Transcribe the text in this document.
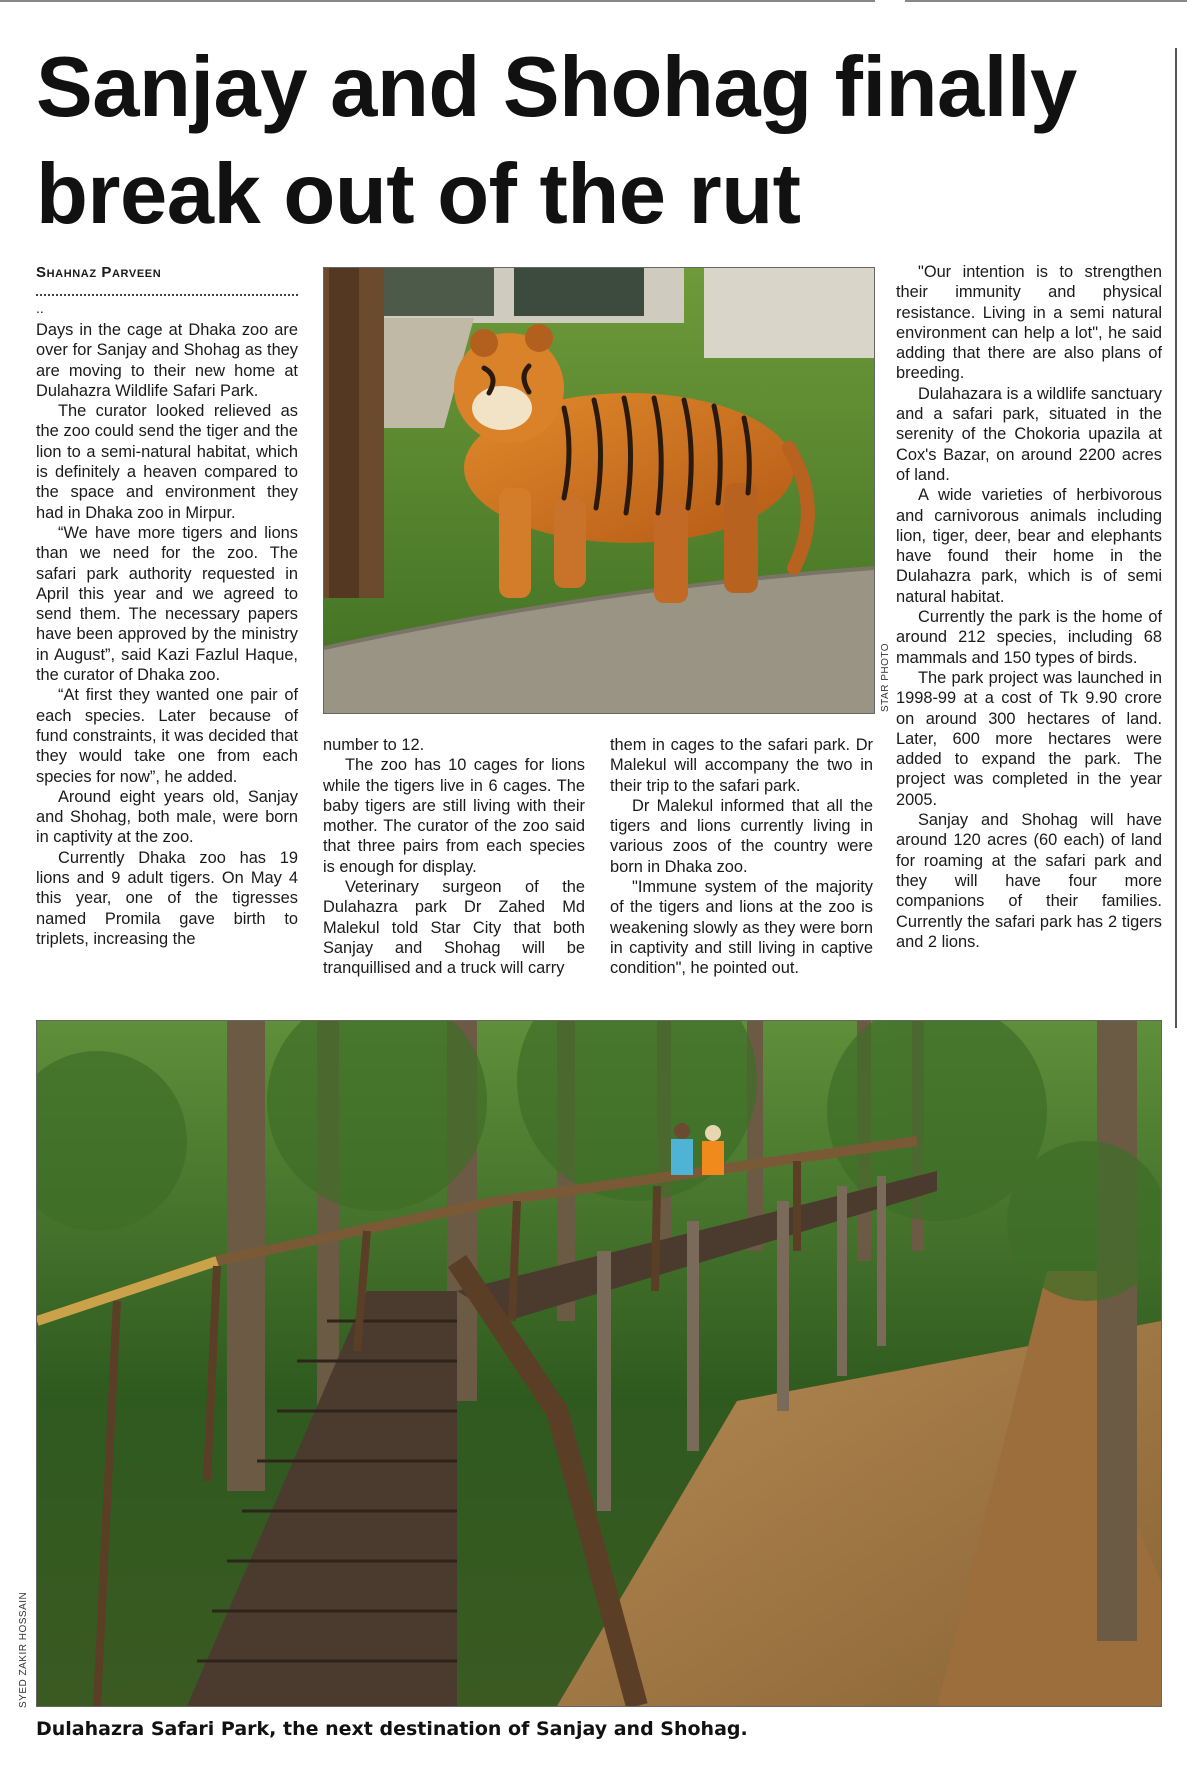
Sanjay and Shohag finally
break out of the rut
Shahnaz Parveen
..

Days in the cage at Dhaka zoo are over for Sanjay and Shohag as they are moving to their new home at Dulahazra Wildlife Safari Park.

The curator looked relieved as the zoo could send the tiger and the lion to a semi-natural habitat, which is definitely a heaven compared to the space and environment they had in Dhaka zoo in Mirpur.

“We have more tigers and lions than we need for the zoo. The safari park authority requested in April this year and we agreed to send them. The necessary papers have been approved by the ministry in August”, said Kazi Fazlul Haque, the curator of Dhaka zoo.

“At first they wanted one pair of each species. Later because of fund constraints, it was decided that they would take one from each species for now”, he added.

Around eight years old, Sanjay and Shohag, both male, were born in captivity at the zoo.

Currently Dhaka zoo has 19 lions and 9 adult tigers. On May 4 this year, one of the tigresses named Promila gave birth to triplets, increasing the

STAR PHOTO

number to 12.

The zoo has 10 cages for lions while the tigers live in 6 cages. The baby tigers are still living with their mother. The curator of the zoo said that three pairs from each species is enough for display.

Veterinary surgeon of the Dulahazra park Dr Zahed Md Malekul told Star City that both Sanjay and Shohag will be tranquillised and a truck will carry

them in cages to the safari park. Dr Malekul will accompany the two in their trip to the safari park.

Dr Malekul informed that all the tigers and lions currently living in various zoos of the country were born in Dhaka zoo.

"Immune system of the majority of the tigers and lions at the zoo is weakening slowly as they were born in captivity and still living in captive condition", he pointed out.

"Our intention is to strengthen their immunity and physical resistance. Living in a semi natural environment can help a lot", he said adding that there are also plans of breeding.

Dulahazara is a wildlife sanctuary and a safari park, situated in the serenity of the Chokoria upazila at Cox's Bazar, on around 2200 acres of land.

A wide varieties of herbivorous and carnivorous animals including lion, tiger, deer, bear and elephants have found their home in the Dulahazra park, which is of semi natural habitat.

Currently the park is the home of around 212 species, including 68 mammals and 150 types of birds.

The park project was launched in 1998-99 at a cost of Tk 9.90 crore on around 300 hectares of land. Later, 600 more hectares were added to expand the park. The project was completed in the year 2005.

Sanjay and Shohag will have around 120 acres (60 each) of land for roaming at the safari park and they will have four more companions of their families. Currently the safari park has 2 tigers and 2 lions.

SYED ZAKIR HOSSAIN
Dulahazra Safari Park, the next destination of Sanjay and Shohag.
